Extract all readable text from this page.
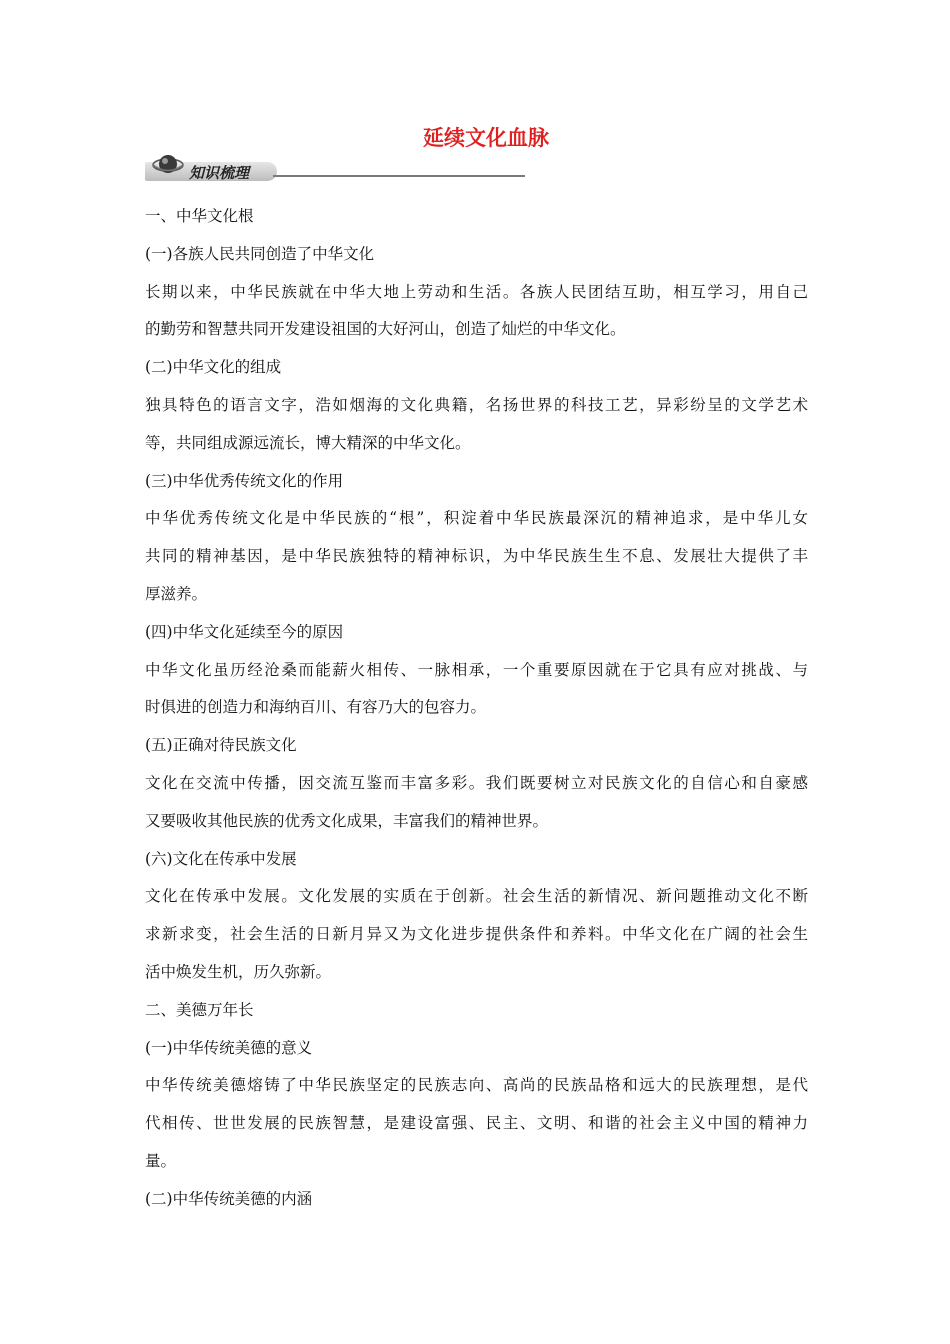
延续文化血脉
知识梳理
一、中华文化根
(一)各族人民共同创造了中华文化
长期以来，中华民族就在中华大地上劳动和生活。各族人民团结互助，相互学习，用自己
的勤劳和智慧共同开发建设祖国的大好河山，创造了灿烂的中华文化。
(二)中华文化的组成
独具特色的语言文字，浩如烟海的文化典籍，名扬世界的科技工艺，异彩纷呈的文学艺术
等，共同组成源远流长，博大精深的中华文化。
(三)中华优秀传统文化的作用
中华优秀传统文化是中华民族的“根”，积淀着中华民族最深沉的精神追求，是中华儿女
共同的精神基因，是中华民族独特的精神标识，为中华民族生生不息、发展壮大提供了丰
厚滋养。
(四)中华文化延续至今的原因
中华文化虽历经沧桑而能薪火相传、一脉相承，一个重要原因就在于它具有应对挑战、与
时俱进的创造力和海纳百川、有容乃大的包容力。
(五)正确对待民族文化
文化在交流中传播，因交流互鉴而丰富多彩。我们既要树立对民族文化的自信心和自豪感
又要吸收其他民族的优秀文化成果，丰富我们的精神世界。
(六)文化在传承中发展
文化在传承中发展。文化发展的实质在于创新。社会生活的新情况、新问题推动文化不断
求新求变，社会生活的日新月异又为文化进步提供条件和养料。中华文化在广阔的社会生
活中焕发生机，历久弥新。
二、美德万年长
(一)中华传统美德的意义
中华传统美德熔铸了中华民族坚定的民族志向、高尚的民族品格和远大的民族理想，是代
代相传、世世发展的民族智慧，是建设富强、民主、文明、和谐的社会主义中国的精神力
量。
(二)中华传统美德的内涵
